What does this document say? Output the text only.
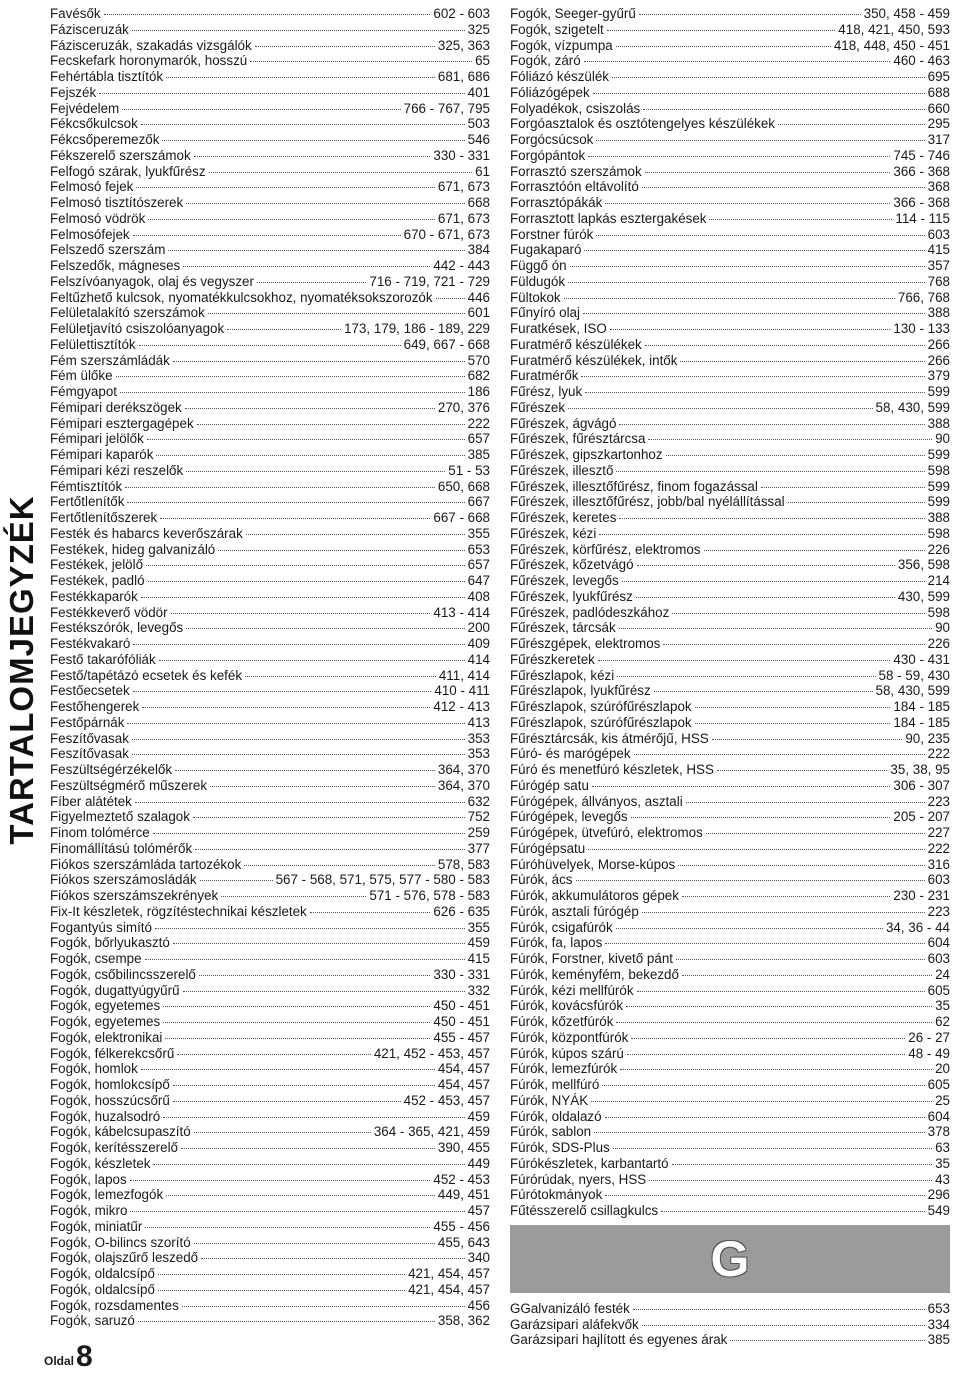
TARTALOMJEGYZÉK
Oldal 8
Favésők	602 - 603
Fázisceruzák	325
Fázisceruzák, szakadás vizsgálók	325, 363
Fecskefark horonymarók, hosszú	65
Fehértábla tisztítók	681, 686
Fejszék	401
Fejvédelem	766 - 767, 795
Fékcsőkulcsok	503
Fékcsőperemezők	546
Fékszerelő szerszámok	330 - 331
Felfogó szárak, lyukfűrész	61
Felmosó fejek	671, 673
Felmosó tisztítószerek	668
Felmosó vödrök	671, 673
Felmosófejek	670 - 671, 673
Felszedő szerszám	384
Felszedők, mágneses	442 - 443
Felszívóanyagok, olaj és vegyszer	716 - 719, 721 - 729
Feltűzhető kulcsok, nyomatékkulcsokhoz, nyomatéksokszorozók	446
Felületalakító szerszámok	601
Felületjavító csiszolóanyagok	173, 179, 186 - 189, 229
Felülettisztítók	649, 667 - 668
Fém szerszámládák	570
Fém ülőke	682
Fémgyapot	186
Fémipari derékszögek	270, 376
Fémipari esztergagépek	222
Fémipari jelölők	657
Fémipari kaparók	385
Fémipari kézi reszelők	51 - 53
Fémtisztítók	650, 668
Fertőtlenítők	667
Fertőtlenítőszerek	667 - 668
Festék és habarcs keverőszárak	355
Festékek, hideg galvanizáló	653
Festékek, jelölő	657
Festékek, padló	647
Festékkaparók	408
Festékkeverő vödör	413 - 414
Festékszórók, levegős	200
Festékvakaró	409
Festő takarófóliák	414
Festő/tapétázó ecsetek és kefék	411, 414
Festőecsetek	410 - 411
Festőhengerek	412 - 413
Festőpárnák	413
Feszítővasak	353
Feszítővasak	353
Feszültségérzékelők	364, 370
Feszültségmérő műszerek	364, 370
Fíber alátétek	632
Figyelmeztető szalagok	752
Finom tolómérce	259
Finomállítású tolómérők	377
Fiókos szerszámláda tartozékok	578, 583
Fiókos szerszámosládák	567 - 568, 571, 575, 577 - 580 - 583
Fiókos szerszámszekrények	571 - 576, 578 - 583
Fix-It készletek, rögzítéstechnikai készletek	626 - 635
Fogantyús simító	355
Fogók, bőrlyukasztó	459
Fogók, csempe	415
Fogók, csőbilincsszerelő	330 - 331
Fogók, dugattyúgyűrű	332
Fogók, egyetemes	450 - 451
Fogók, egyetemes	450 - 451
Fogók, elektronikai	455 - 457
Fogók, félkerekcsőrű	421, 452 - 453, 457
Fogók, homlok	454, 457
Fogók, homlokcsípő	454, 457
Fogók, hosszúcsőrű	452 - 453, 457
Fogók, huzalsodró	459
Fogók, kábelcsupaszító	364 - 365, 421, 459
Fogók, kerítésszerelő	390, 455
Fogók, készletek	449
Fogók, lapos	452 - 453
Fogók, lemezfogók	449, 451
Fogók, mikro	457
Fogók, miniatűr	455 - 456
Fogók, O-bilincs szorító	455, 643
Fogók, olajszűrő leszedő	340
Fogók, oldalcsípő	421, 454, 457
Fogók, oldalcsípő	421, 454, 457
Fogók, rozsdamentes	456
Fogók, saruzó	358, 362
Fogók, Seeger-gyűrű	350, 458 - 459
Fogók, szigetelt	418, 421, 450, 593
Fogók, vízpumpa	418, 448, 450 - 451
Fogók, záró	460 - 463
Fóliázó készülék	695
Fóliázógépek	688
Folyadékok, csiszolás	660
Forgóasztalok és osztótengelyes készülékek	295
Forgócsúcsok	317
Forgópántok	745 - 746
Forrasztó szerszámok	366 - 368
Forrasztóón eltávolító	368
Forrasztópákák	366 - 368
Forrasztott lapkás esztergakések	114 - 115
Forstner fúrók	603
Fugakaparó	415
Függő ón	357
Füldugók	768
Fültokok	766, 768
Fűnyíró olaj	388
Furatkések, ISO	130 - 133
Furatmérő készülékek	266
Furatmérő készülékek, intők	266
Furatmérők	379
Fűrész, lyuk	599
Fűrészek	58, 430, 599
Fűrészek, ágvágó	388
Fűrészek, fűrésztárcsa	90
Fűrészek, gipszkartonhoz	599
Fűrészek, illesztő	598
Fűrészek, illesztőfűrész, finom fogazással	599
Fűrészek, illesztőfűrész, jobb/bal nyélállítással	599
Fűrészek, keretes	388
Fűrészek, kézi	598
Fűrészek, körfűrész, elektromos	226
Fűrészek, kőzetvágó	356, 598
Fűrészek, levegős	214
Fűrészek, lyukfűrész	430, 599
Fűrészek, padlódeszkához	598
Fűrészek, tárcsák	90
Fűrészgépek, elektromos	226
Fűrészkeretek	430 - 431
Fűrészlapok, kézi	58 - 59, 430
Fűrészlapok, lyukfűrész	58, 430, 599
Fűrészlapok, szúrófűrészlapok	184 - 185
Fűrészlapok, szúrófűrészlapok	184 - 185
Fűrésztárcsák, kis átmérőjű, HSS	90, 235
Fúró- és marógépek	222
Fúró és menetfúró készletek, HSS	35, 38, 95
Fúrógép satu	306 - 307
Fúrógépek, állványos, asztali	223
Fúrógépek, levegős	205 - 207
Fúrógépek, ütvefúró, elektromos	227
Fúrógépsatu	222
Fúróhüvelyek, Morse-kúpos	316
Fúrók, ács	603
Fúrók, akkumulátoros gépek	230 - 231
Fúrók, asztali fúrógép	223
Fúrók, csigafúrók	34, 36 - 44
Fúrók, fa, lapos	604
Fúrók, Forstner, kivető pánt	603
Fúrók, keményfém, bekezdő	24
Fúrók, kézi mellfúrók	605
Fúrók, kovácsfúrók	35
Fúrók, kőzetfúrók	62
Fúrók, központfúrók	26 - 27
Fúrók, kúpos szárú	48 - 49
Fúrók, lemezfúrók	20
Fúrók, mellfúró	605
Fúrók, NYÁK	25
Fúrók, oldalazó	604
Fúrók, sablon	378
Fúrók, SDS-Plus	63
Fúrókészletek, karbantartó	35
Fúrórúdak, nyers, HSS	43
Fúrótokmányok	296
Fűtésszerelő csillagkulcs	549
G
GGalvanizáló festék	653
Garázsipari aláfekvők	334
Garázsipari hajlított és egyenes árak	385
